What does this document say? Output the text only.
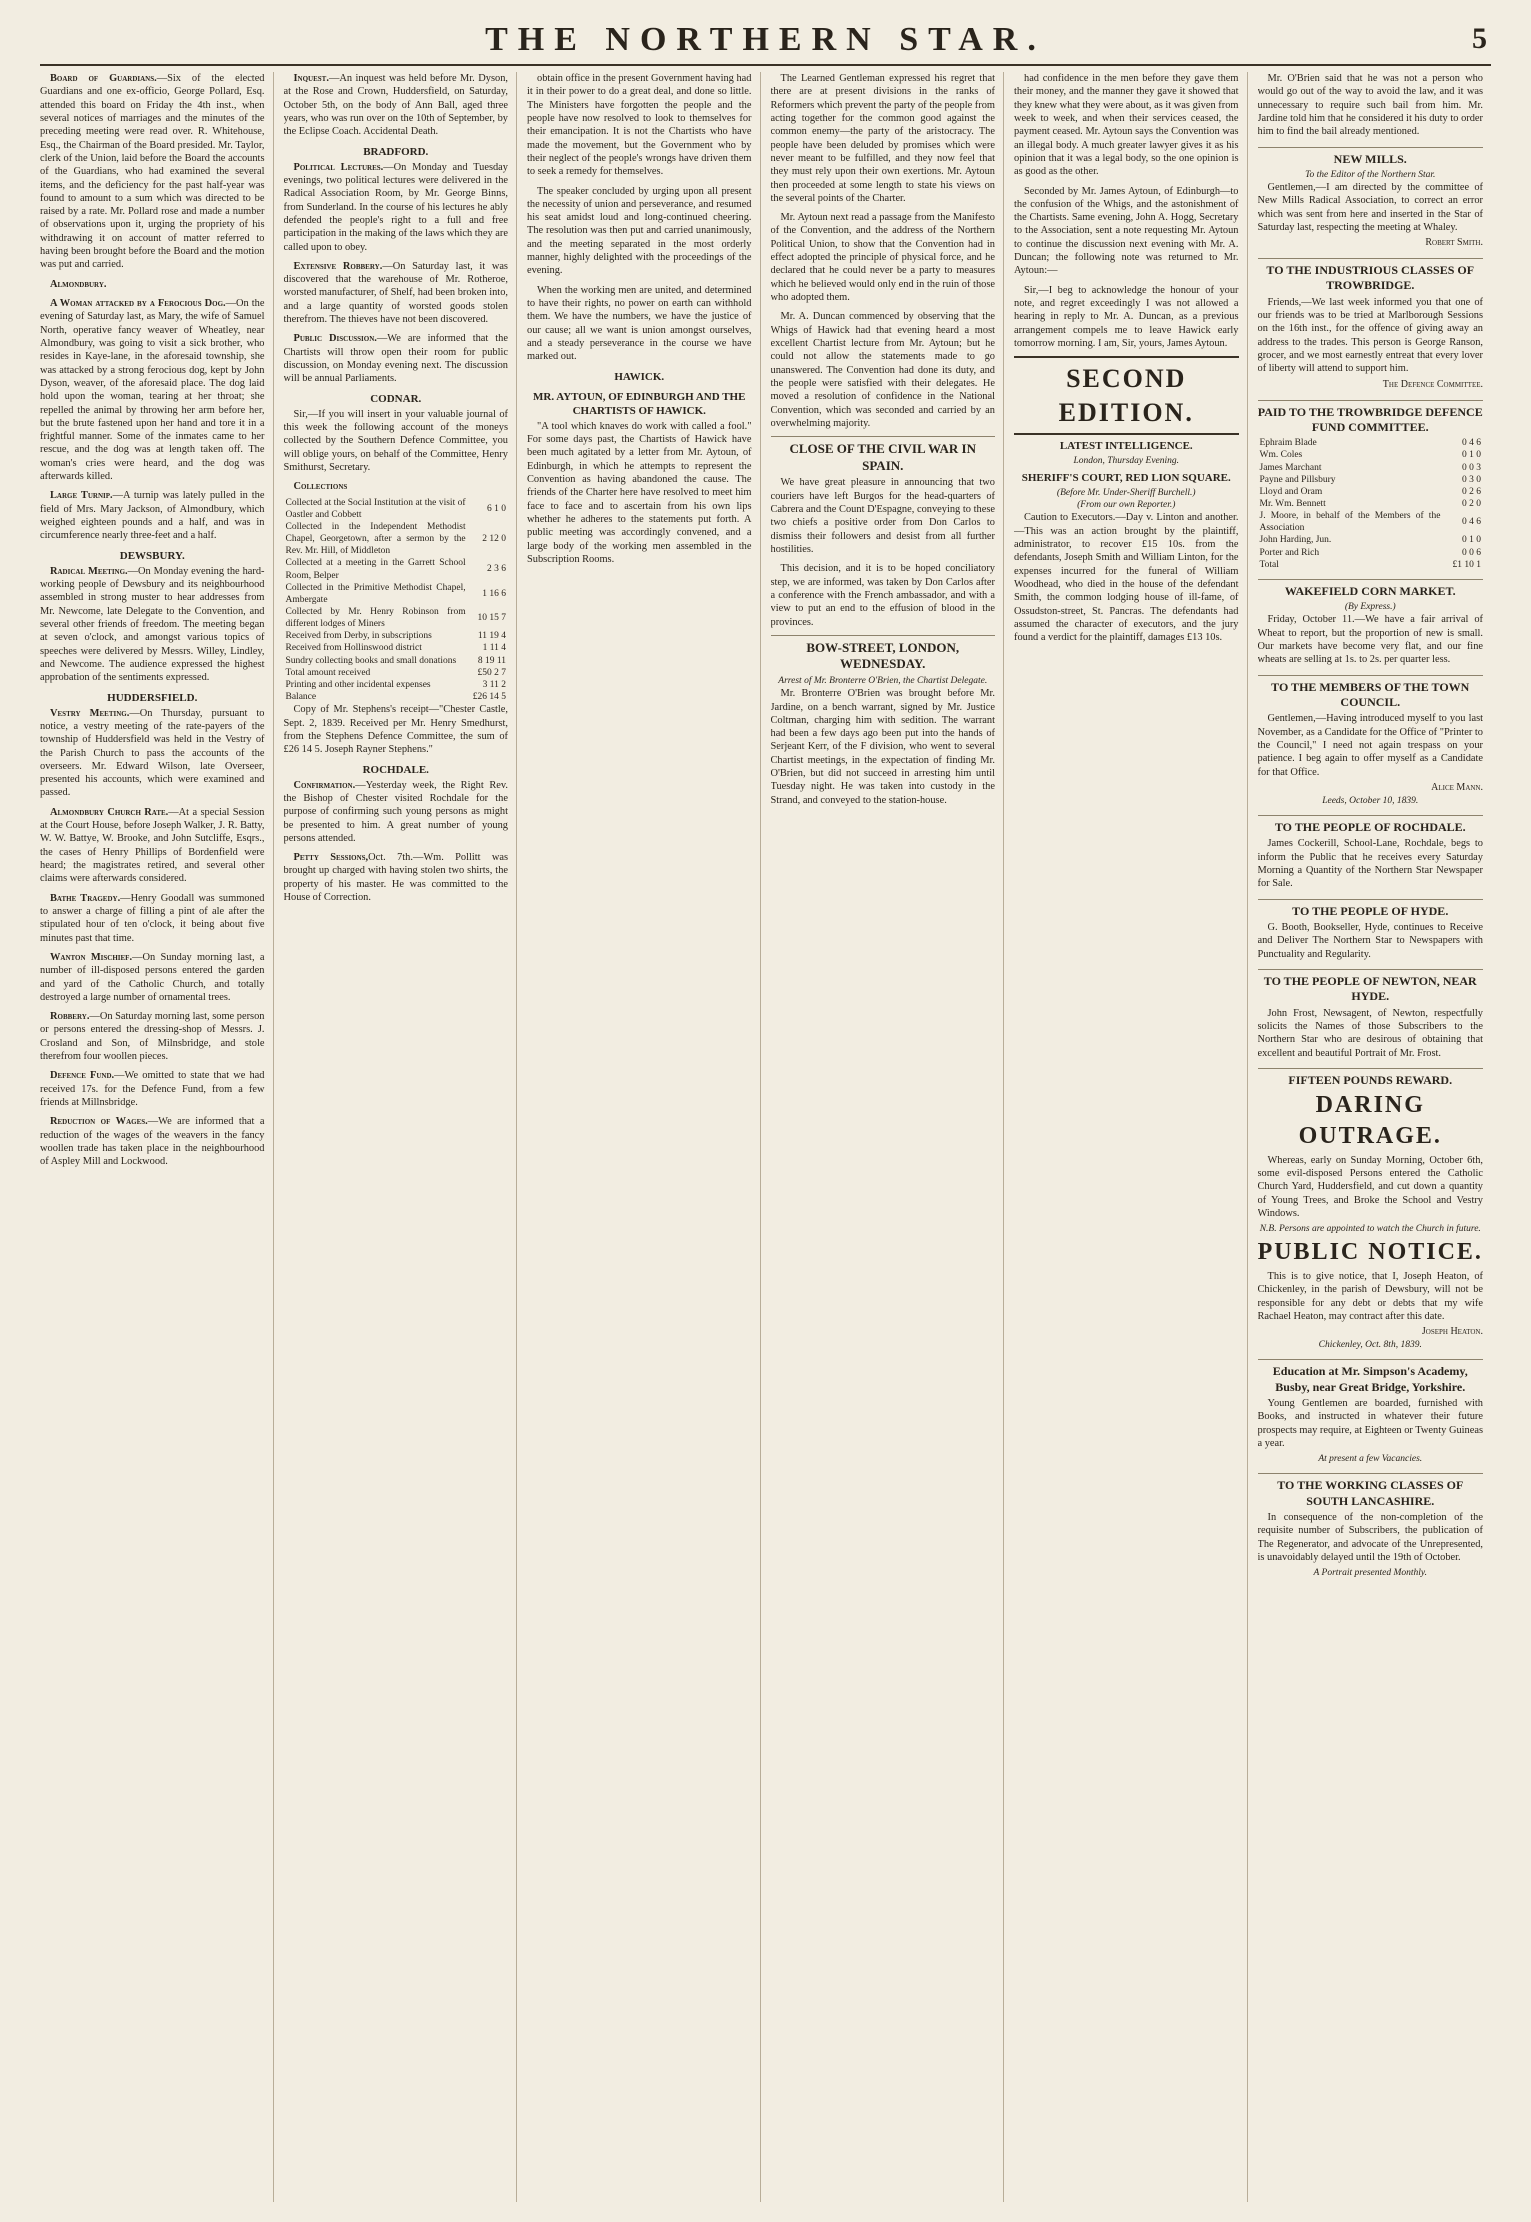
THE NORTHERN STAR.	5

Board of Guardians.—Six of the elected Guardians and one ex-officio, George Pollard, Esq. attended this board on Friday the 4th inst., when several notices of marriages and the minutes of the preceding meeting were read over. R. Whitehouse, Esq., the Chairman of the Board presided. Mr. Taylor, clerk of the Union, laid before the Board the accounts of the Guardians, who had examined the several items, and the deficiency for the past half-year was found to amount to a sum which was directed to be raised by a rate. Mr. Pollard rose and made a number of observations upon it, urging the propriety of his withdrawing it on account of matter referred to having been brought before the Board and the motion was put and carried.

Almondbury.

A Woman attacked by a Ferocious Dog.—On the evening of Saturday last, as Mary, the wife of Samuel North, operative fancy weaver of Wheatley, near Almondbury, was going to visit a sick brother, who resides in Kaye-lane, in the aforesaid township, she was attacked by a strong ferocious dog, kept by John Dyson, weaver, of the aforesaid place. The dog laid hold upon the woman, tearing at her throat; she repelled the animal by throwing her arm before her, but the brute fastened upon her hand and tore it in a frightful manner. Some of the inmates came to her rescue, and the dog was at length taken off. The woman's cries were heard, and the dog was afterwards killed.

Large Turnip.—A turnip was lately pulled in the field of Mrs. Mary Jackson, of Almondbury, which weighed eighteen pounds and a half, and was in circumference nearly three-feet and a half.

DEWSBURY.

Radical Meeting.—On Monday evening the hard-working people of Dewsbury and its neighbourhood assembled in strong muster to hear addresses from Mr. Newcome, late Delegate to the Convention, and several other friends of freedom. The meeting began at seven o'clock, and amongst various topics of speeches were delivered by Messrs. Willey, Lindley, and Newcome. The audience expressed the highest approbation of the sentiments expressed.

HUDDERSFIELD.

Vestry Meeting.—On Thursday, pursuant to notice, a vestry meeting of the rate-payers of the township of Huddersfield was held in the Vestry of the Parish Church to pass the accounts of the overseers. Mr. Edward Wilson, late Overseer, presented his accounts, which were examined and passed.

Almondbury Church Rate.—At a special Session at the Court House, before Joseph Walker, J. R. Batty, W. W. Battye, W. Brooke, and John Sutcliffe, Esqrs., the cases of Henry Phillips of Bordenfield were heard; the magistrates retired, and several other claims were afterwards considered.

Bathe Tragedy.—Henry Goodall was summoned to answer a charge of filling a pint of ale after the stipulated hour of ten o'clock, it being about five minutes past that time.

Wanton Mischief.—On Sunday morning last, a number of ill-disposed persons entered the garden and yard of the Catholic Church, and totally destroyed a large number of ornamental trees.

Robbery.—On Saturday morning last, some person or persons entered the dressing-shop of Messrs. J. Crosland and Son, of Milnsbridge, and stole therefrom four woollen pieces.

Defence Fund.—We omitted to state that we had received 17s. for the Defence Fund, from a few friends at Millnsbridge.

Reduction of Wages.—We are informed that a reduction of the wages of the weavers in the fancy woollen trade has taken place in the neighbourhood of Aspley Mill and Lockwood.

Inquest.—An inquest was held before Mr. Dyson, at the Rose and Crown, Huddersfield, on Saturday, October 5th, on the body of Ann Ball, aged three years, who was run over on the 10th of September, by the Eclipse Coach. Accidental Death.

BRADFORD.

Political Lectures.—On Monday and Tuesday evenings, two political lectures were delivered in the Radical Association Room, by Mr. George Binns, from Sunderland. In the course of his lectures he ably defended the people's right to a full and free participation in the making of the laws which they are called upon to obey.

Extensive Robbery.—On Saturday last, it was discovered that the warehouse of Mr. Rotheroe, worsted manufacturer, of Shelf, had been broken into, and a large quantity of worsted goods stolen therefrom. The thieves have not been discovered.

Public Discussion.—We are informed that the Chartists will throw open their room for public discussion, on Monday evening next. The discussion will be annual Parliaments.

CODNAR.

Sir,—If you will insert in your valuable journal of this week the following account of the moneys collected by the Southern Defence Committee, you will oblige yours, on behalf of the Committee, Henry Smithurst, Secretary.

Collections

Collected at the Social Institution at the visit of Oastler and Cobbett	6 1 0
Collected in the Independent Methodist Chapel, Georgetown, after a sermon by the Rev. Mr. Hill, of Middleton	2 12 0
Collected at a meeting in the Garrett School Room, Belper	2 3 6
Collected in the Primitive Methodist Chapel, Ambergate	1 16 6
Collected by Mr. Henry Robinson from different lodges of Miners	10 15 7
Received from Derby, in subscriptions	11 19 4
Received from Hollinswood district	1 11 4
Sundry collecting books and small donations	8 19 11
Total amount received	£50 2 7
Printing and other incidental expenses	3 11 2
Balance	£26 14 5

Copy of Mr. Stephens's receipt—"Chester Castle, Sept. 2, 1839. Received per Mr. Henry Smedhurst, from the Stephens Defence Committee, the sum of £26 14 5. Joseph Rayner Stephens."

ROCHDALE.

Confirmation.—Yesterday week, the Right Rev. the Bishop of Chester visited Rochdale for the purpose of confirming such young persons as might be presented to him. A great number of young persons attended.

Petty Sessions,Oct. 7th.—Wm. Pollitt was brought up charged with having stolen two shirts, the property of his master. He was committed to the House of Correction.

obtain office in the present Government having had it in their power to do a great deal, and done so little. The Ministers have forgotten the people and the people have now resolved to look to themselves for their emancipation. It is not the Chartists who have made the movement, but the Government who by their neglect of the people's wrongs have driven them to seek a remedy for themselves.

The speaker concluded by urging upon all present the necessity of union and perseverance, and resumed his seat amidst loud and long-continued cheering. The resolution was then put and carried unanimously, and the meeting separated in the most orderly manner, highly delighted with the proceedings of the evening.

When the working men are united, and determined to have their rights, no power on earth can withhold them. We have the numbers, we have the justice of our cause; all we want is union amongst ourselves, and a steady perseverance in the course we have marked out.

HAWICK.

MR. AYTOUN, OF EDINBURGH AND THE CHARTISTS OF HAWICK.

"A tool which knaves do work with called a fool." For some days past, the Chartists of Hawick have been much agitated by a letter from Mr. Aytoun, of Edinburgh, in which he attempts to represent the Convention as having abandoned the cause. The friends of the Charter here have resolved to meet him face to face and to ascertain from his own lips whether he adheres to the statements put forth. A public meeting was accordingly convened, and a large body of the working men assembled in the Subscription Rooms.

The Learned Gentleman expressed his regret that there are at present divisions in the ranks of Reformers which prevent the party of the people from acting together for the common good against the common enemy—the party of the aristocracy. The people have been deluded by promises which were never meant to be fulfilled, and they now feel that they must rely upon their own exertions. Mr. Aytoun then proceeded at some length to state his views on the several points of the Charter.

Mr. Aytoun next read a passage from the Manifesto of the Convention, and the address of the Northern Political Union, to show that the Convention had in effect adopted the principle of physical force, and he declared that he could never be a party to measures which he believed would only end in the ruin of those who adopted them.

Mr. A. Duncan commenced by observing that the Whigs of Hawick had that evening heard a most excellent Chartist lecture from Mr. Aytoun; but he could not allow the statements made to go unanswered. The Convention had done its duty, and the people were satisfied with their delegates. He moved a resolution of confidence in the National Convention, which was seconded and carried by an overwhelming majority.

CLOSE OF THE CIVIL WAR IN SPAIN.

We have great pleasure in announcing that two couriers have left Burgos for the head-quarters of Cabrera and the Count D'Espagne, conveying to these two chiefs a positive order from Don Carlos to dismiss their followers and desist from all further hostilities.

This decision, and it is to be hoped conciliatory step, we are informed, was taken by Don Carlos after a conference with the French ambassador, and with a view to put an end to the effusion of blood in the provinces.

BOW-STREET, LONDON, WEDNESDAY.
Arrest of Mr. Bronterre O'Brien, the Chartist Delegate.

Mr. Bronterre O'Brien was brought before Mr. Jardine, on a bench warrant, signed by Mr. Justice Coltman, charging him with sedition. The warrant had been a few days ago been put into the hands of Serjeant Kerr, of the F division, who went to several Chartist meetings, in the expectation of finding Mr. O'Brien, but did not succeed in arresting him until Tuesday night. He was taken into custody in the Strand, and conveyed to the station-house.

had confidence in the men before they gave them their money, and the manner they gave it showed that they knew what they were about, as it was given from week to week, and when their services ceased, the payment ceased. Mr. Aytoun says the Convention was an illegal body. A much greater lawyer gives it as his opinion that it was a legal body, so the one opinion is as good as the other.

Seconded by Mr. James Aytoun, of Edinburgh—to the confusion of the Whigs, and the astonishment of the Chartists. Same evening, John A. Hogg, Secretary to the Association, sent a note requesting Mr. Aytoun to continue the discussion next evening with Mr. A. Duncan; the following note was returned to Mr. Aytoun:—

Sir,—I beg to acknowledge the honour of your note, and regret exceedingly I was not allowed a hearing in reply to Mr. A. Duncan, as a previous arrangement compels me to leave Hawick early tomorrow morning. I am, Sir, yours, James Aytoun.

SECOND EDITION.
LATEST INTELLIGENCE.
London, Thursday Evening.
SHERIFF'S COURT, RED LION SQUARE.
(Before Mr. Under-Sheriff Burchell.)
(From our own Reporter.)

Caution to Executors.—Day v. Linton and another.—This was an action brought by the plaintiff, administrator, to recover £15 10s. from the defendants, Joseph Smith and William Linton, for the expenses incurred for the funeral of William Woodhead, who died in the house of the defendant Smith, the common lodging house of ill-fame, of Ossudston-street, St. Pancras. The defendants had assumed the character of executors, and the jury found a verdict for the plaintiff, damages £13 10s.

Mr. O'Brien said that he was not a person who would go out of the way to avoid the law, and it was unnecessary to require such bail from him. Mr. Jardine told him that he considered it his duty to order him to find the bail already mentioned.

NEW MILLS.
To the Editor of the Northern Star.

Gentlemen,—I am directed by the committee of New Mills Radical Association, to correct an error which was sent from here and inserted in the Star of Saturday last, respecting the meeting at Whaley.

Robert Smith.
TO THE INDUSTRIOUS CLASSES OF TROWBRIDGE.

Friends,—We last week informed you that one of our friends was to be tried at Marlborough Sessions on the 16th inst., for the offence of giving away an address to the trades. This person is George Ranson, grocer, and we most earnestly entreat that every lover of liberty will attend to support him.

The Defence Committee.
PAID TO THE TROWBRIDGE DEFENCE FUND COMMITTEE.
Ephraim Blade	0 4 6
Wm. Coles	0 1 0
James Marchant	0 0 3
Payne and Pillsbury	0 3 0
Lloyd and Oram	0 2 6
Mr. Wm. Bennett	0 2 0
J. Moore, in behalf of the Members of the Association	0 4 6
John Harding, Jun.	0 1 0
Porter and Rich	0 0 6
Total	£1 10 1
WAKEFIELD CORN MARKET.
(By Express.)

Friday, October 11.—We have a fair arrival of Wheat to report, but the proportion of new is small. Our markets have become very flat, and our fine wheats are selling at 1s. to 2s. per quarter less.

TO THE MEMBERS OF THE TOWN COUNCIL.

Gentlemen,—Having introduced myself to you last November, as a Candidate for the Office of "Printer to the Council," I need not again trespass on your patience. I beg again to offer myself as a Candidate for that Office.

Alice Mann.
Leeds, October 10, 1839.
TO THE PEOPLE OF ROCHDALE.

James Cockerill, School-Lane, Rochdale, begs to inform the Public that he receives every Saturday Morning a Quantity of the Northern Star Newspaper for Sale.

TO THE PEOPLE OF HYDE.

G. Booth, Bookseller, Hyde, continues to Receive and Deliver The Northern Star to Newspapers with Punctuality and Regularity.

TO THE PEOPLE OF NEWTON, NEAR HYDE.

John Frost, Newsagent, of Newton, respectfully solicits the Names of those Subscribers to the Northern Star who are desirous of obtaining that excellent and beautiful Portrait of Mr. Frost.

FIFTEEN POUNDS REWARD.
DARING OUTRAGE.

Whereas, early on Sunday Morning, October 6th, some evil-disposed Persons entered the Catholic Church Yard, Huddersfield, and cut down a quantity of Young Trees, and Broke the School and Vestry Windows.

N.B. Persons are appointed to watch the Church in future.
PUBLIC NOTICE.

This is to give notice, that I, Joseph Heaton, of Chickenley, in the parish of Dewsbury, will not be responsible for any debt or debts that my wife Rachael Heaton, may contract after this date.

Joseph Heaton.
Chickenley, Oct. 8th, 1839.
Education at Mr. Simpson's Academy, Busby, near Great Bridge, Yorkshire.

Young Gentlemen are boarded, furnished with Books, and instructed in whatever their future prospects may require, at Eighteen or Twenty Guineas a year.

At present a few Vacancies.
TO THE WORKING CLASSES OF SOUTH LANCASHIRE.

In consequence of the non-completion of the requisite number of Subscribers, the publication of The Regenerator, and advocate of the Unrepresented, is unavoidably delayed until the 19th of October.

A Portrait presented Monthly.
